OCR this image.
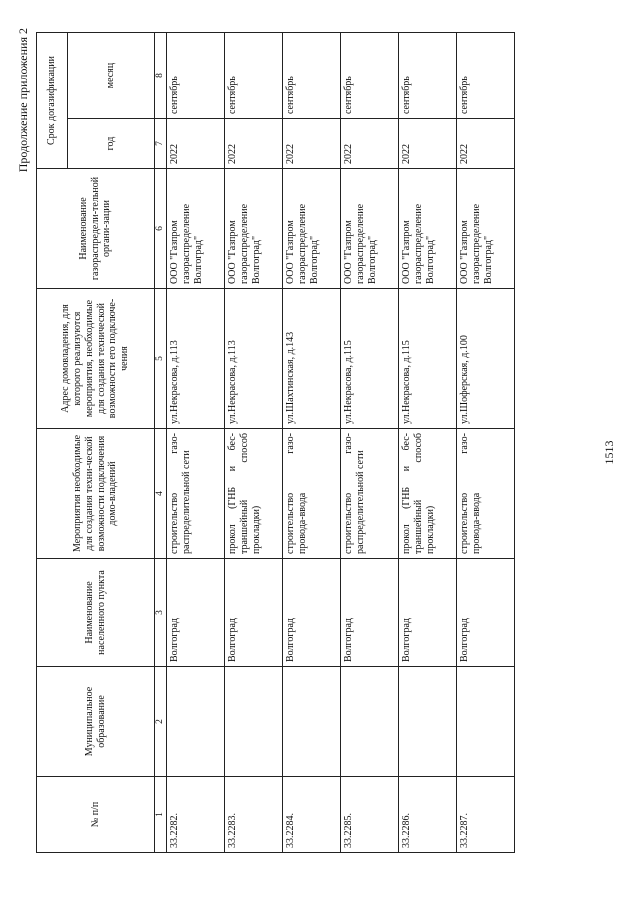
1513
Продолжение приложения 2
№ п/п	Муниципальное образование	Наименование населенного пункта	Мероприятия необходимые для создания техни-ческой возможности подключения домо-владений	Адрес домовладения, для которого реализуются мероприятия, необходимые для создания технической возможности его подключе-чения	Наименование газораспредели-тельной органи-зации	Срок догазификации	
						год	месяц
1	2	3	4	5	6	7	8
33.2282.		Волгоград	строительство газо-распределительной сети	ул.Некрасова, д.113	ООО "Газпром газораспределение Волгоград"	2022	сентябрь
33.2283.		Волгоград	прокол (ГНБ и бес-траншейный способ прокладки)	ул.Некрасова, д.113	ООО "Газпром газораспределение Волгоград"	2022	сентябрь
33.2284.		Волгоград	строительство газо-провода-ввода	ул.Шахтинская, д.143	ООО "Газпром газораспределение Волгоград"	2022	сентябрь
33.2285.		Волгоград	строительство газо-распределительной сети	ул.Некрасова, д.115	ООО "Газпром газораспределение Волгоград"	2022	сентябрь
33.2286.		Волгоград	прокол (ГНБ и бес-траншейный способ прокладки)	ул.Некрасова, д.115	ООО "Газпром газораспределение Волгоград"	2022	сентябрь
33.2287.		Волгоград	строительство газо-провода-ввода	ул.Шоферская, д.100	ООО "Газпром газораспределение Волгоград"	2022	сентябрь
